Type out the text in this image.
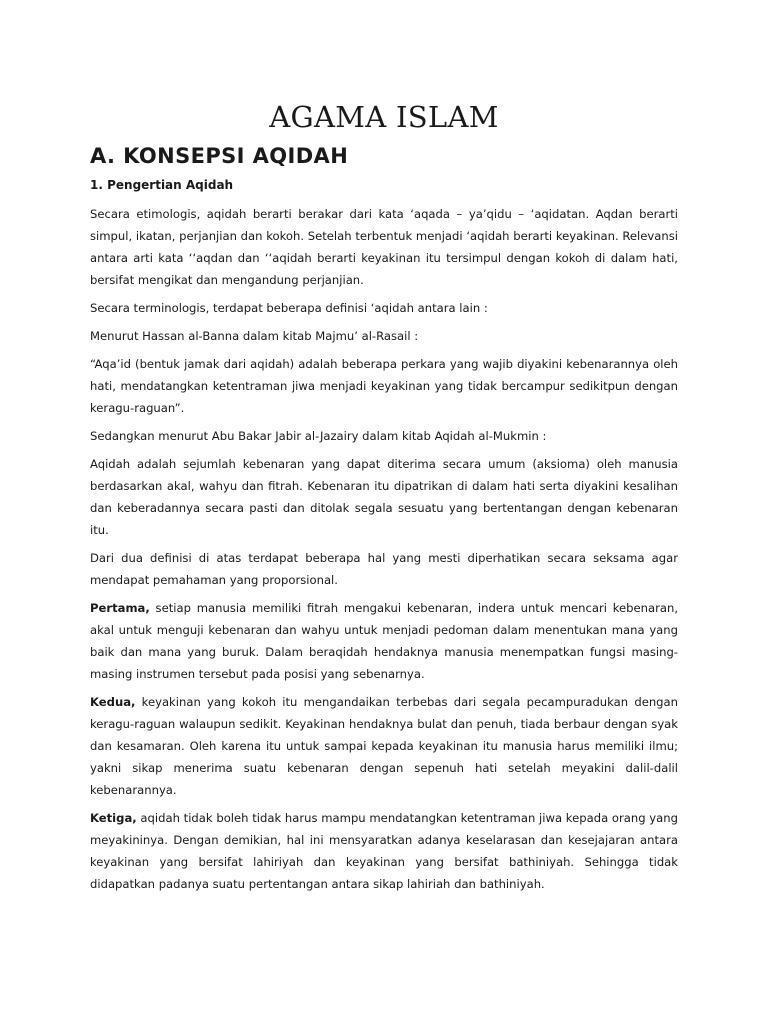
AGAMA ISLAM
A. KONSEPSI AQIDAH
1. Pengertian Aqidah

Secara etimologis, aqidah berarti berakar dari kata ‘aqada – ya’qidu – ‘aqidatan. Aqdan berarti simpul, ikatan, perjanjian dan kokoh. Setelah terbentuk menjadi ‘aqidah berarti keyakinan. Relevansi antara arti kata ‘‘aqdan dan ‘‘aqidah berarti keyakinan itu tersimpul dengan kokoh di dalam hati, bersifat mengikat dan mengandung perjanjian.

Secara terminologis, terdapat beberapa definisi ‘aqidah antara lain :

Menurut Hassan al-Banna dalam kitab Majmu’ al-Rasail :

“Aqa’id (bentuk jamak dari aqidah) adalah beberapa perkara yang wajib diyakini kebenarannya oleh hati, mendatangkan ketentraman jiwa menjadi keyakinan yang tidak bercampur sedikitpun dengan keragu-raguan”.

Sedangkan menurut Abu Bakar Jabir al-Jazairy dalam kitab Aqidah al-Mukmin :

Aqidah adalah sejumlah kebenaran yang dapat diterima secara umum (aksioma) oleh manusia berdasarkan akal, wahyu dan fitrah. Kebenaran itu dipatrikan di dalam hati serta diyakini kesalihan dan keberadannya secara pasti dan ditolak segala sesuatu yang bertentangan dengan kebenaran itu.

Dari dua definisi di atas terdapat beberapa hal yang mesti diperhatikan secara seksama agar mendapat pemahaman yang proporsional.

Pertama, setiap manusia memiliki fitrah mengakui kebenaran, indera untuk mencari kebenaran, akal untuk menguji kebenaran dan wahyu untuk menjadi pedoman dalam menentukan mana yang baik dan mana yang buruk. Dalam beraqidah hendaknya manusia menempatkan fungsi masing-masing instrumen tersebut pada posisi yang sebenarnya.

Kedua, keyakinan yang kokoh itu mengandaikan terbebas dari segala pecampuradukan dengan keragu-raguan walaupun sedikit. Keyakinan hendaknya bulat dan penuh, tiada berbaur dengan syak dan kesamaran. Oleh karena itu untuk sampai kepada keyakinan itu manusia harus memiliki ilmu; yakni sikap menerima suatu kebenaran dengan sepenuh hati setelah meyakini dalil-dalil kebenarannya.

Ketiga, aqidah tidak boleh tidak harus mampu mendatangkan ketentraman jiwa kepada orang yang meyakininya. Dengan demikian, hal ini mensyaratkan adanya keselarasan dan kesejajaran antara keyakinan yang bersifat lahiriyah dan keyakinan yang bersifat bathiniyah. Sehingga tidak didapatkan padanya suatu pertentangan antara sikap lahiriah dan bathiniyah.
